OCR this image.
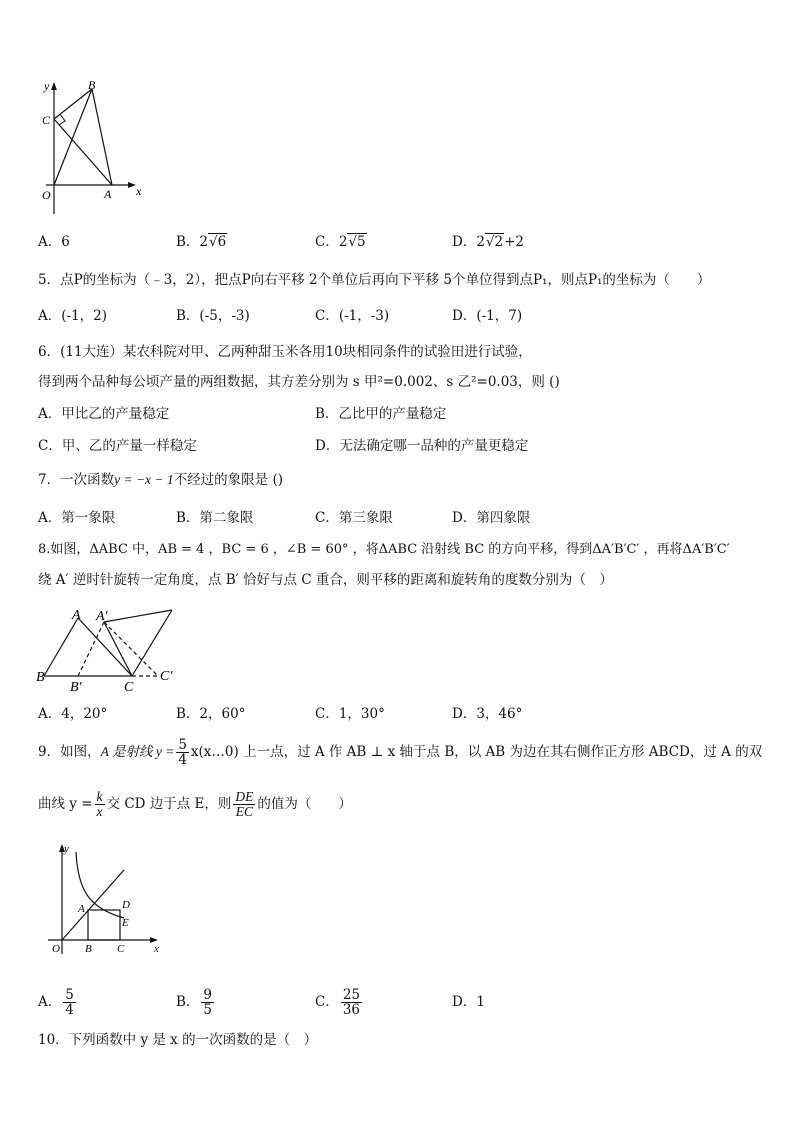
y
x
O	A
B
C
A．6	B．2√6	C．2√5	D．2√2+2
5．点P的坐标为（﹣3，2），把点P向右平移 2个单位后再向下平移 5个单位得到点P₁，则点P₁的坐标为（　　）
A．(-1，2)	B．(-5，-3)	C．(-1，-3)	D．(-1，7)
6．(11大连）某农科院对甲、乙两种甜玉米各用10块相同条件的试验田进行试验，
得到两个品种每公顷产量的两组数据，其方差分别为 s 甲²=0.002、s 乙²=0.03，则 ()
A．甲比乙的产量稳定	B．乙比甲的产量稳定
C．甲、乙的产量一样稳定	D．无法确定哪一品种的产量更稳定
7．一次函数y = −x − 1不经过的象限是 ()
A．第一象限	B．第二象限	C．第三象限	D．第四象限
8.如图，ΔABC 中，AB = 4 ，BC = 6 ，∠B = 60° ，将ΔABC 沿射线 BC 的方向平移，得到ΔA′B′C′ ，再将ΔA′B′C′
绕 A′ 逆时针旋转一定角度，点 B′ 恰好与点 C 重合，则平移的距离和旋转角的度数分别为（　）
A A′
B
B′	C
C′
A．4，20°	B．2，60°	C．1，30°	D．3，46°
9．如图，A 是射线 $y = \frac{5}{4}$ x(x…0) 上一点，过 A 作 AB ⊥ x 轴于点 B，以 AB 为边在其右侧作正方形 ABCD，过 A 的双
曲线 $y = \frac{k}{x}$ 交 CD 边于点 E，则 $\frac{DE}{EC}$ 的值为（　　）
y
x
O
A
B C
D
E
A． $\frac{5}{4}$	B． $\frac{9}{5}$	C． $\frac{25}{36}$	D．1
10．下列函数中 y 是 x 的一次函数的是（　）
